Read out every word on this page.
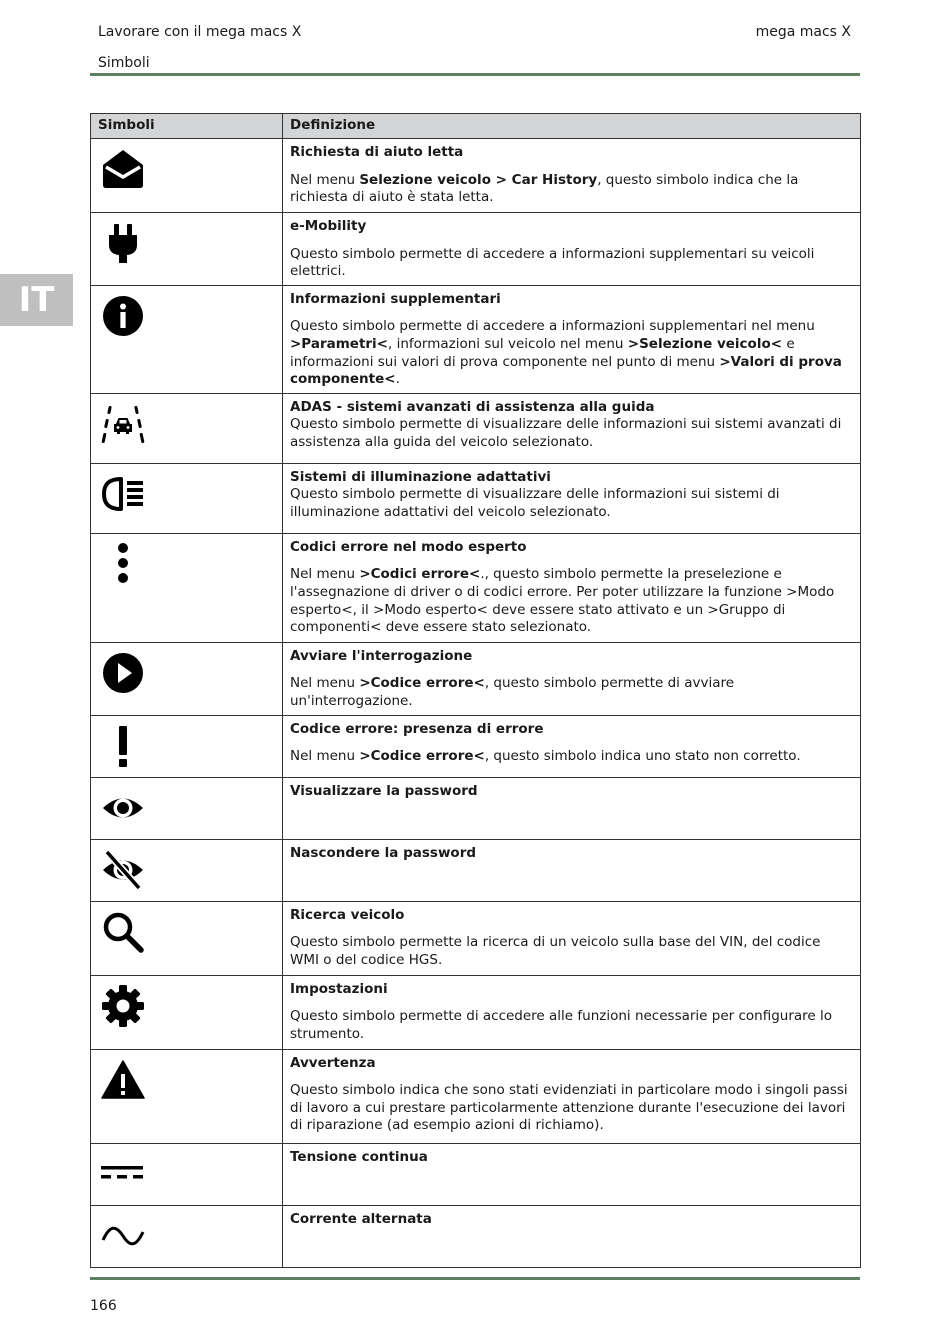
Lavorare con il mega macs X	mega macs X
Simboli
IT
Simboli	Definizione

Richiesta di aiuto letta
Nel menu Selezione veicolo > Car History, questo simbolo indica che la richiesta di aiuto è stata letta.

e-Mobility
Questo simbolo permette di accedere a informazioni supplementari su veicoli elettrici.

Informazioni supplementari
Questo simbolo permette di accedere a informazioni supplementari nel menu >Parametri<, informazioni sul veicolo nel menu >Selezione veicolo< e informazioni sui valori di prova componente nel punto di menu >Valori di prova componente<.

ADAS - sistemi avanzati di assistenza alla guida
Questo simbolo permette di visualizzare delle informazioni sui sistemi avanzati di assistenza alla guida del veicolo selezionato.

Sistemi di illuminazione adattativi
Questo simbolo permette di visualizzare delle informazioni sui sistemi di illuminazione adattativi del veicolo selezionato.

Codici errore nel modo esperto
Nel menu >Codici errore<., questo simbolo permette la preselezione e l'assegnazione di driver o di codici errore. Per poter utilizzare la funzione >Modo esperto<, il >Modo esperto< deve essere stato attivato e un >Gruppo di componenti< deve essere stato selezionato.

Avviare l'interrogazione
Nel menu >Codice errore<, questo simbolo permette di avviare un'interrogazione.

Codice errore: presenza di errore
Nel menu >Codice errore<, questo simbolo indica uno stato non corretto.

Visualizzare la password

Nascondere la password

Ricerca veicolo
Questo simbolo permette la ricerca di un veicolo sulla base del VIN, del codice WMI o del codice HGS.

Impostazioni
Questo simbolo permette di accedere alle funzioni necessarie per configurare lo strumento.

Avvertenza
Questo simbolo indica che sono stati evidenziati in particolare modo i singoli passi di lavoro a cui prestare particolarmente attenzione durante l'esecuzione dei lavori di riparazione (ad esempio azioni di richiamo).

Tensione continua

Corrente alternata
166
